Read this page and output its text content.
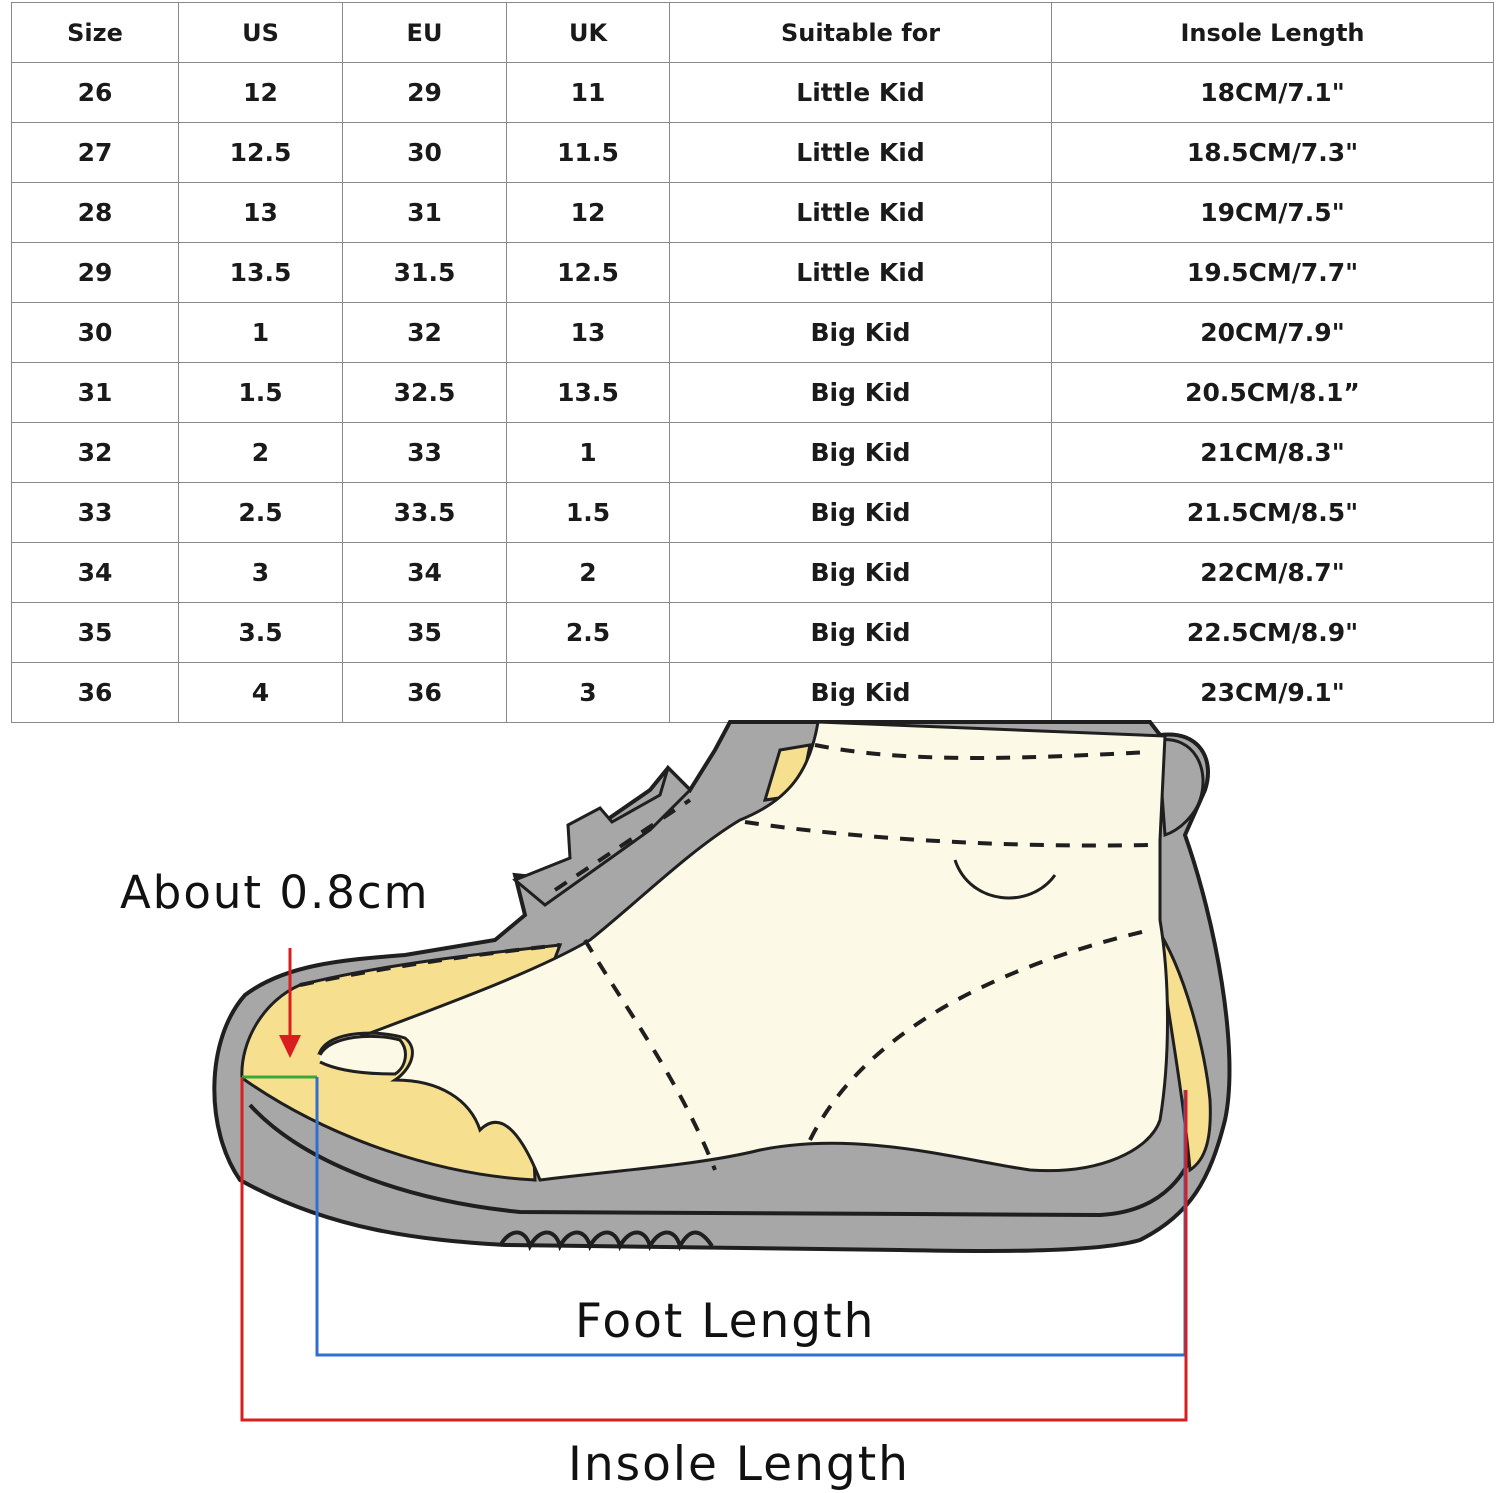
Size	US	EU	UK	Suitable for	Insole Length
26	12	29	11	Little Kid	18CM/7.1"
27	12.5	30	11.5	Little Kid	18.5CM/7.3"
28	13	31	12	Little Kid	19CM/7.5"
29	13.5	31.5	12.5	Little Kid	19.5CM/7.7"
30	1	32	13	Big Kid	20CM/7.9"
31	1.5	32.5	13.5	Big Kid	20.5CM/8.1”
32	2	33	1	Big Kid	21CM/8.3"
33	2.5	33.5	1.5	Big Kid	21.5CM/8.5"
34	3	34	2	Big Kid	22CM/8.7"
35	3.5	35	2.5	Big Kid	22.5CM/8.9"
36	4	36	3	Big Kid	23CM/9.1"
About 0.8cm
Foot Length
Insole Length
